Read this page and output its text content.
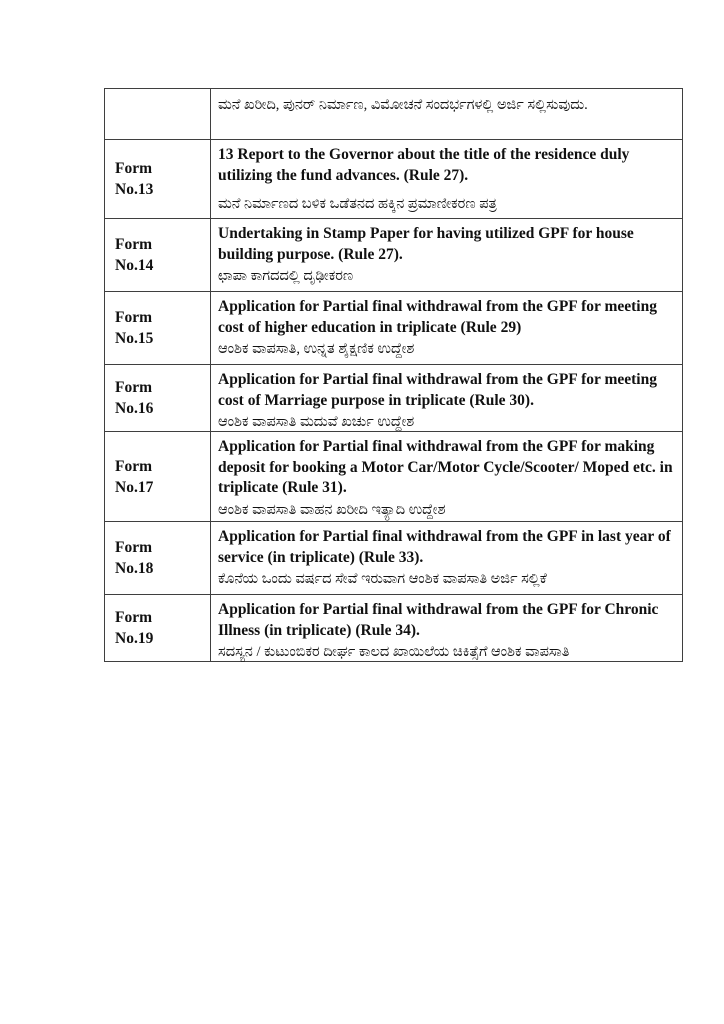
ಮನೆ ಖರೀದಿ, ಪುನರ್ ನಿರ್ಮಾಣ, ವಿಮೋಚನೆ ಸಂದರ್ಭಗಳಲ್ಲಿ ಅರ್ಜಿ ಸಲ್ಲಿಸುವುದು.
Form
No.13
13 Report to the Governor about the title of the residence duly utilizing the fund advances. (Rule 27).
ಮನೆ ನಿರ್ಮಾಣದ ಬಳಿಕ ಒಡೆತನದ ಹಕ್ಕಿನ ಪ್ರಮಾಣೀಕರಣ ಪತ್ರ
Form
No.14
Undertaking in Stamp Paper for having utilized GPF for house building purpose. (Rule 27).
ಛಾಪಾ ಕಾಗದದಲ್ಲಿ ದೃಢೀಕರಣ
Form
No.15
Application for Partial final withdrawal from the GPF for meeting cost of higher education in triplicate (Rule 29)
ಆಂಶಿಕ ವಾಪಸಾತಿ, ಉನ್ನತ ಶೈಕ್ಷಣಿಕ ಉದ್ದೇಶ
Form
No.16
Application for Partial final withdrawal from the GPF for meeting cost of Marriage purpose in triplicate (Rule 30).
ಆಂಶಿಕ ವಾಪಸಾತಿ ಮದುವೆ ಖರ್ಚು ಉದ್ದೇಶ
Form
No.17
Application for Partial final withdrawal from the GPF for making deposit for booking a Motor Car/Motor Cycle/Scooter/ Moped etc. in triplicate (Rule 31).
ಆಂಶಿಕ ವಾಪಸಾತಿ ವಾಹನ ಖರೀದಿ ಇತ್ಯಾದಿ ಉದ್ದೇಶ
Form
No.18
Application for Partial final withdrawal from the GPF in last year of service (in triplicate) (Rule 33).
ಕೊನೆಯ ಒಂದು ವರ್ಷದ ಸೇವೆ ಇರುವಾಗ ಆಂಶಿಕ ವಾಪಸಾತಿ ಅರ್ಜಿ ಸಲ್ಲಿಕೆ
Form
No.19
Application for Partial final withdrawal from the GPF for Chronic Illness (in triplicate) (Rule 34).
ಸದಸ್ಯನ / ಕುಟುಂಬಿಕರ ದೀರ್ಘ ಕಾಲದ ಖಾಯಿಲೆಯ ಚಿಕಿತ್ಸೆಗೆ ಆಂಶಿಕ ವಾಪಸಾತಿ
